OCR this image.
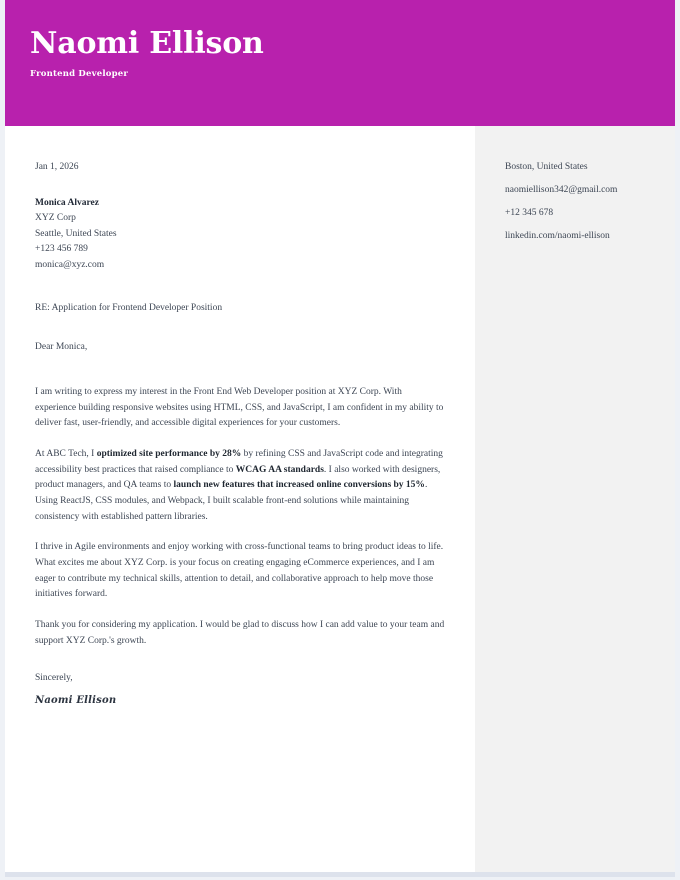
Naomi Ellison
Frontend Developer
Jan 1, 2026
Monica Alvarez
XYZ Corp
Seattle, United States
+123 456 789
monica@xyz.com
RE: Application for Frontend Developer Position
Dear Monica,

I am writing to express my interest in the Front End Web Developer position at XYZ Corp. With experience building responsive websites using HTML, CSS, and JavaScript, I am confident in my ability to deliver fast, user-friendly, and accessible digital experiences for your customers.

At ABC Tech, I optimized site performance by 28% by refining CSS and JavaScript code and integrating accessibility best practices that raised compliance to WCAG AA standards. I also worked with designers, product managers, and QA teams to launch new features that increased online conversions by 15%. Using ReactJS, CSS modules, and Webpack, I built scalable front-end solutions while maintaining consistency with established pattern libraries.

I thrive in Agile environments and enjoy working with cross-functional teams to bring product ideas to life. What excites me about XYZ Corp. is your focus on creating engaging eCommerce experiences, and I am eager to contribute my technical skills, attention to detail, and collaborative approach to help move those initiatives forward.

Thank you for considering my application. I would be glad to discuss how I can add value to your team and support XYZ Corp.'s growth.

Sincerely,
Naomi Ellison
Boston, United States
naomiellison342@gmail.com
+12 345 678
linkedin.com/naomi-ellison
